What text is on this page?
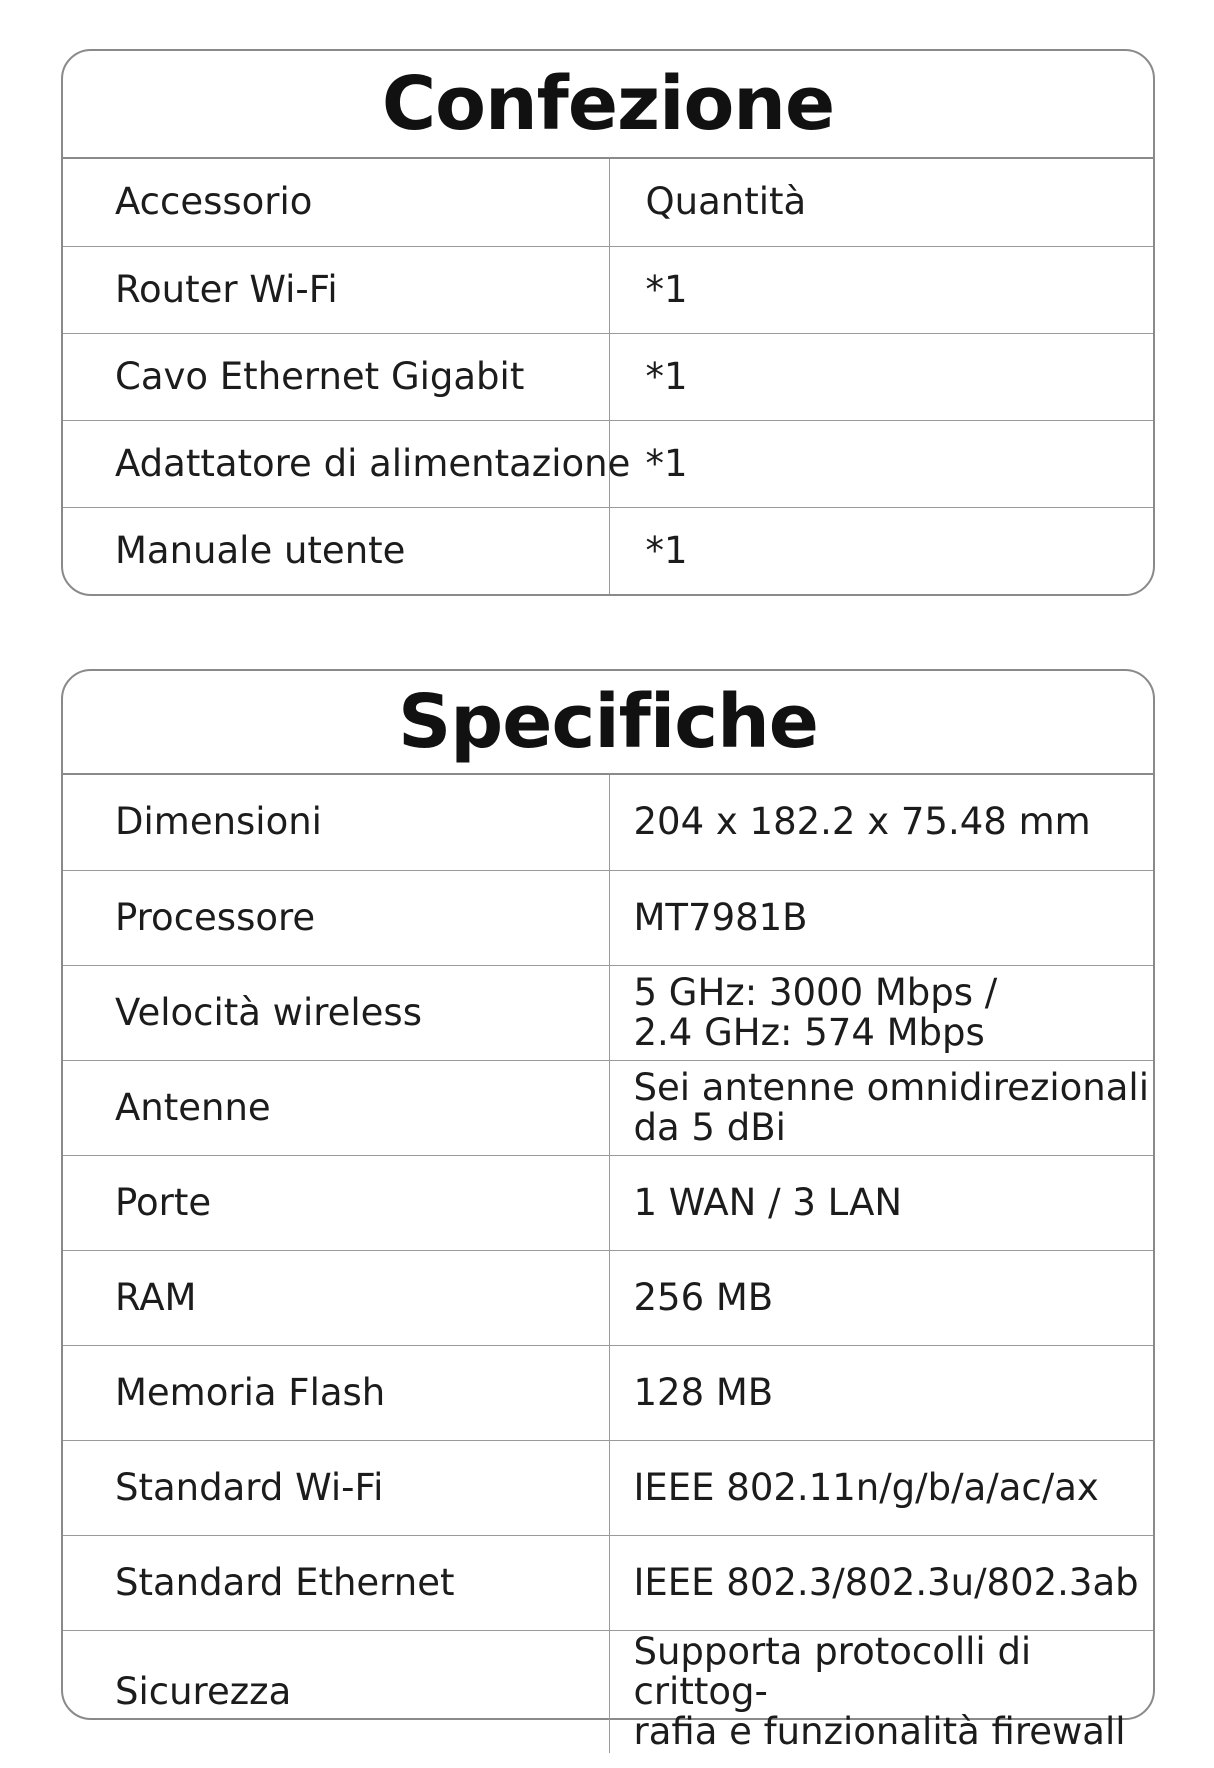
Confezione
Accessorio	Quantità
Router Wi-Fi	*1
Cavo Ethernet Gigabit	*1
Adattatore di alimentazione	*1
Manuale utente	*1
Specifiche
Dimensioni	204 x 182.2 x 75.48 mm

Processore	MT7981B

Velocità wireless	5 GHz: 3000 Mbps /
2.4 GHz: 574 Mbps

Antenne	Sei antenne omnidirezionali
da 5 dBi

Porte	1 WAN / 3 LAN

RAM	256 MB

Memoria Flash	128 MB

Standard Wi-Fi	IEEE 802.11n/g/b/a/ac/ax

Standard Ethernet	IEEE 802.3/802.3u/802.3ab

Sicurezza	Supporta protocolli di crittog-
rafia e funzionalità firewall
